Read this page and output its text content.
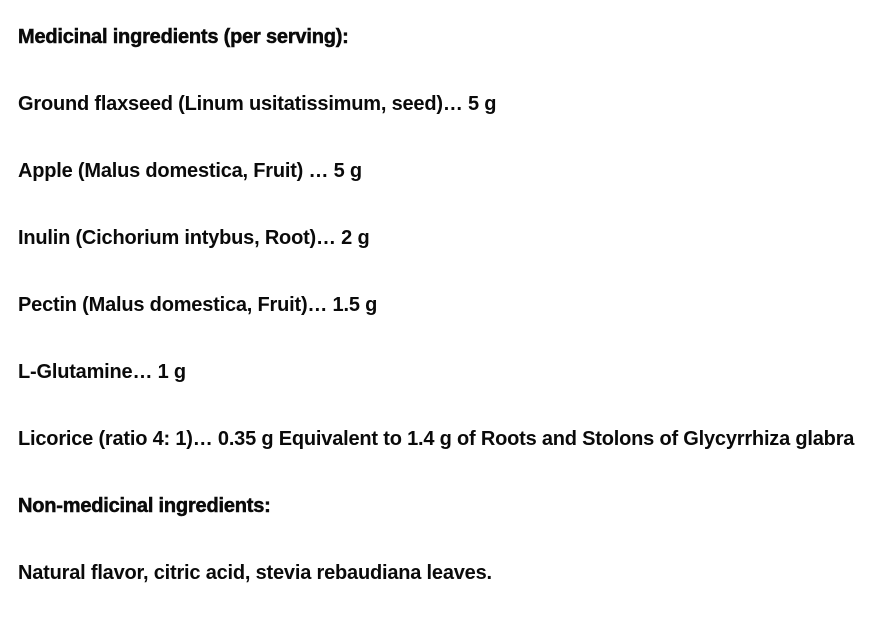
Medicinal ingredients (per serving):

Ground flaxseed (Linum usitatissimum, seed)… 5 g

Apple (Malus domestica, Fruit) … 5 g

Inulin (Cichorium intybus, Root)… 2 g

Pectin (Malus domestica, Fruit)… 1.5 g

L-Glutamine… 1 g

Licorice (ratio 4: 1)… 0.35 g Equivalent to 1.4 g of Roots and Stolons of Glycyrrhiza glabra

Non-medicinal ingredients:

Natural flavor, citric acid, stevia rebaudiana leaves.
